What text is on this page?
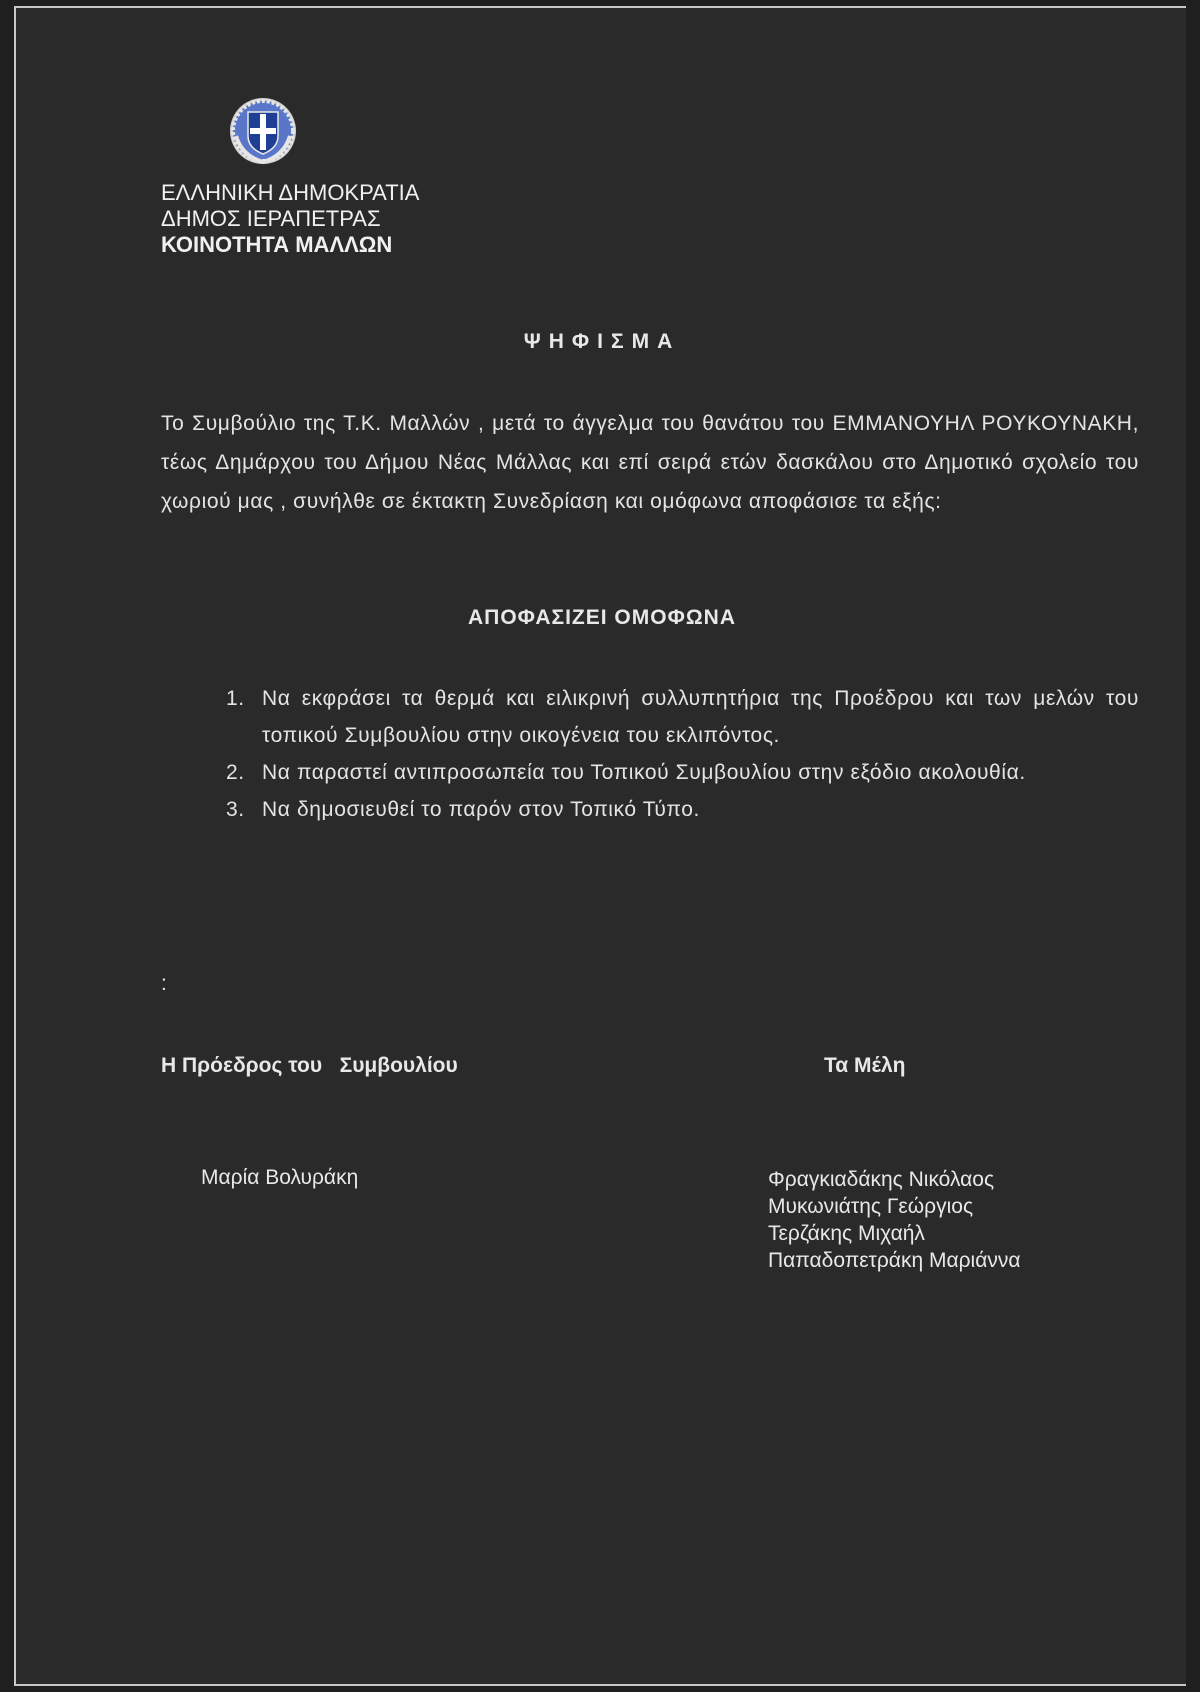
ΕΛΛΗΝΙΚΗ ΔΗΜΟΚΡΑΤΙΑ
ΔΗΜΟΣ ΙΕΡΑΠΕΤΡΑΣ
ΚΟΙΝΟΤΗΤΑ ΜΑΛΛΩΝ
ΨΗΦΙΣΜΑ
Το Συμβούλιο της Τ.Κ. Μαλλών , μετά το άγγελμα του θανάτου του ΕΜΜΑΝΟΥΗΛ ΡΟΥΚΟΥΝΑΚΗ, τέως Δημάρχου του Δήμου Νέας Μάλλας και επί σειρά ετών δασκάλου στο Δημοτικό σχολείο του χωριού μας , συνήλθε σε έκτακτη Συνεδρίαση και ομόφωνα αποφάσισε τα εξής:
ΑΠΟΦΑΣΙΖΕΙ ΟΜΟΦΩΝΑ
1. Να εκφράσει τα θερμά και ειλικρινή συλλυπητήρια της Προέδρου και των μελών του τοπικού Συμβουλίου στην οικογένεια του εκλιπόντος.
2. Να παραστεί αντιπροσωπεία του Τοπικού Συμβουλίου στην εξόδιο ακολουθία.
3. Να δημοσιευθεί το παρόν στον Τοπικό Τύπο.
:
Η Πρόεδρος του   Συμβουλίου	Τα Μέλη
Μαρία Βολυράκη	Φραγκιαδάκης Νικόλαος
Μυκωνιάτης Γεώργιος
Τερζάκης Μιχαήλ
Παπαδοπετράκη Μαριάννα
